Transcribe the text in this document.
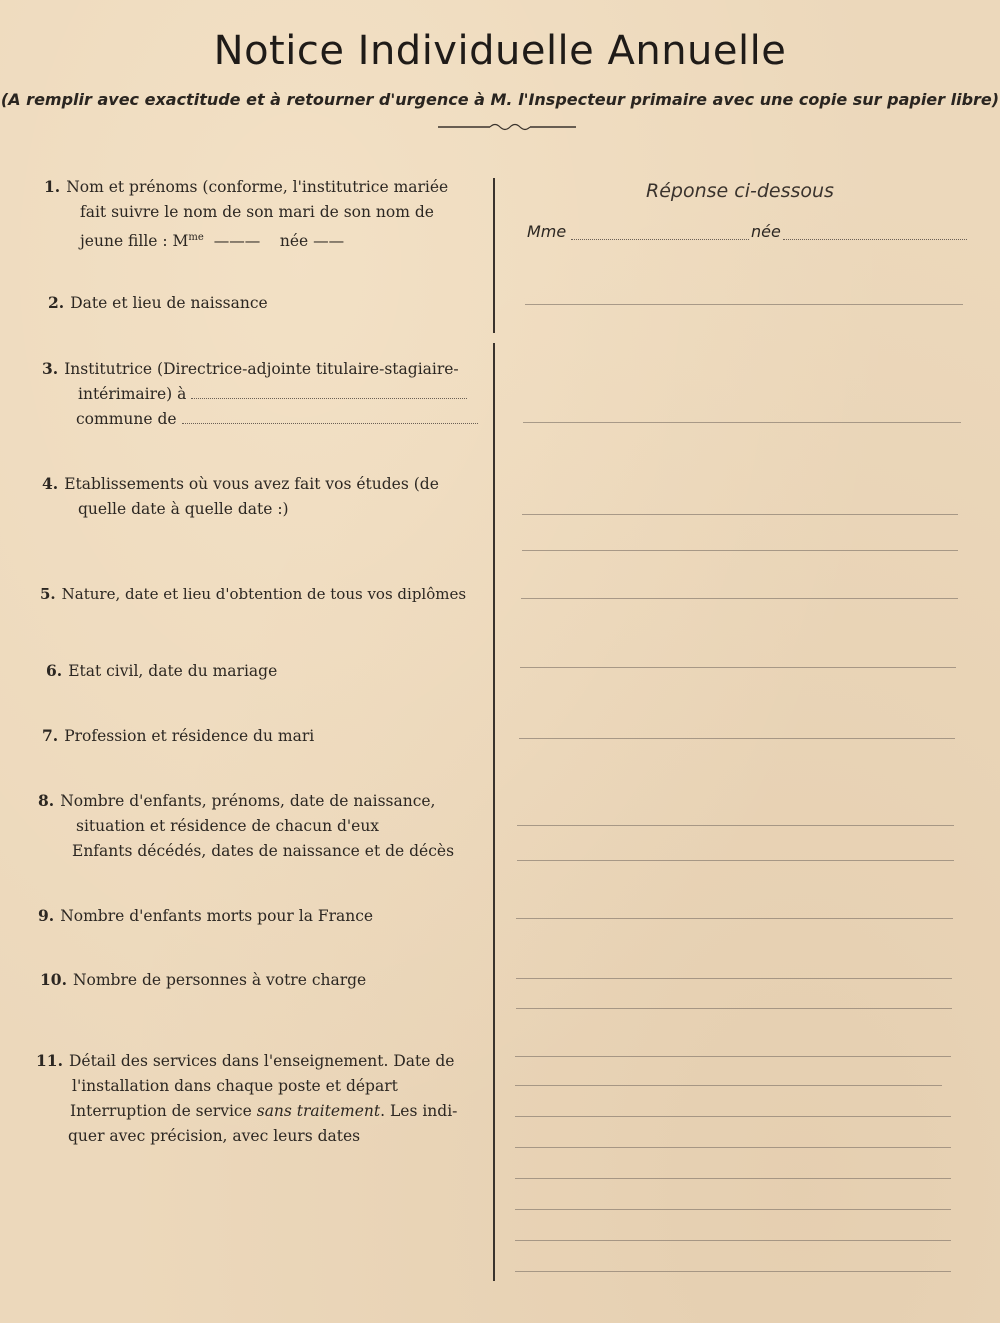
Notice Individuelle Annuelle
(A remplir avec exactitude et à retourner d'urgence à M. l'Inspecteur primaire avec une copie sur papier libre)
Réponse ci-dessous
Mme	née
1. Nom et prénoms (conforme, l'institutrice mariée
fait suivre le nom de son mari de son nom de
jeune fille : $M^{me}$ ——— née ——
2. Date et lieu de naissance
3. Institutrice (Directrice-adjointe titulaire-stagiaire-
intérimaire) à
commune de
4. Etablissements où vous avez fait vos études (de
quelle date à quelle date :)
5. Nature, date et lieu d'obtention de tous vos diplômes
6. Etat civil, date du mariage
7. Profession et résidence du mari
8. Nombre d'enfants, prénoms, date de naissance,
situation et résidence de chacun d'eux
Enfants décédés, dates de naissance et de décès
9. Nombre d'enfants morts pour la France
10. Nombre de personnes à votre charge
11. Détail des services dans l'enseignement. Date de
l'installation dans chaque poste et départ
Interruption de service sans traitement. Les indi-
quer avec précision, avec leurs dates
